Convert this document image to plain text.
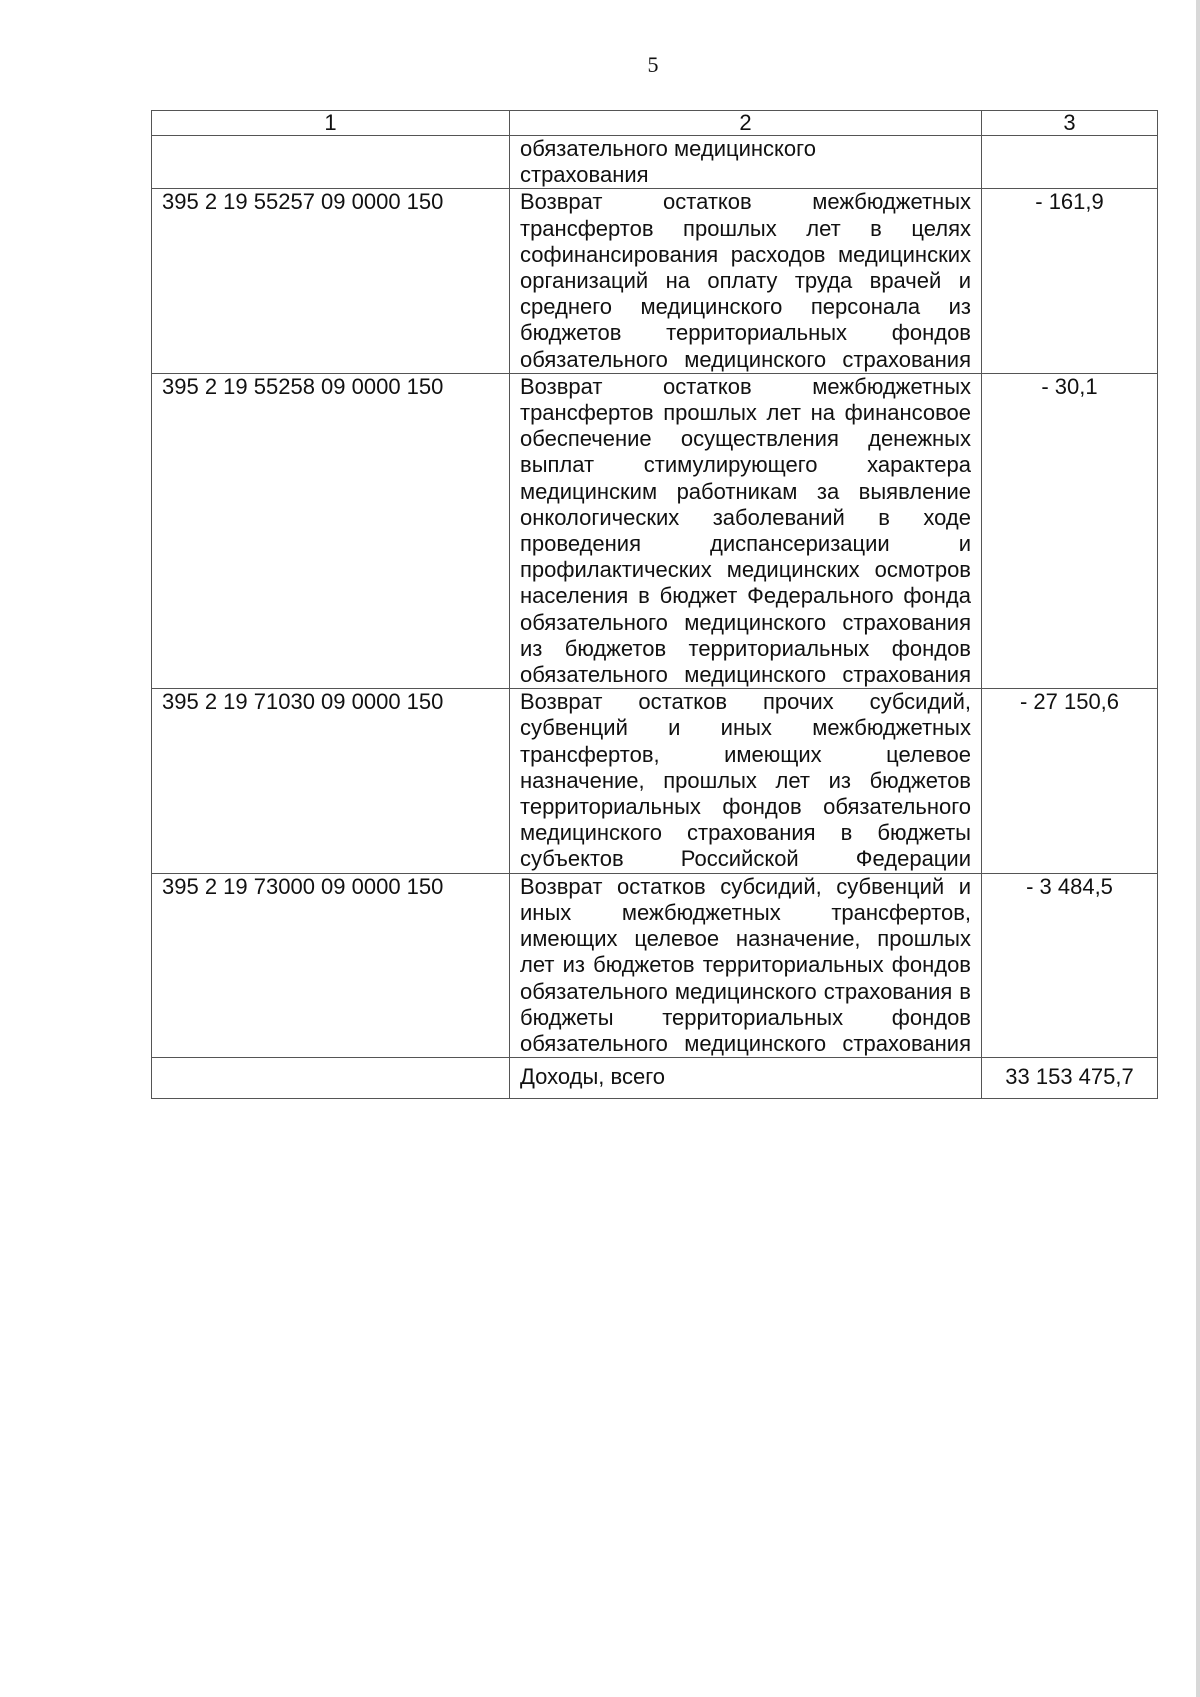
5
1	2	3
	обязательного медицинского страхования	
395 2 19 55257 09 0000 150	Возврат остатков межбюджетных трансфертов прошлых лет в целях софинансирования расходов медицинских организаций на оплату труда врачей и среднего медицинского персонала из бюджетов территориальных фондов обязательного медицинского страхования	- 161,9
395 2 19 55258 09 0000 150	Возврат остатков межбюджетных трансфертов прошлых лет на финансовое обеспечение осуществления денежных выплат стимулирующего характера медицинским работникам за выявление онкологических заболеваний в ходе проведения диспансеризации и профилактических медицинских осмотров населения в бюджет Федерального фонда обязательного медицинского страхования из бюджетов территориальных фондов обязательного медицинского страхования	- 30,1
395 2 19 71030 09 0000 150	Возврат остатков прочих субсидий, субвенций и иных межбюджетных трансфертов, имеющих целевое назначение, прошлых лет из бюджетов территориальных фондов обязательного медицинского страхования в бюджеты субъектов Российской Федерации	- 27 150,6
395 2 19 73000 09 0000 150	Возврат остатков субсидий, субвенций и иных межбюджетных трансфертов, имеющих целевое назначение, прошлых лет из бюджетов территориальных фондов обязательного медицинского страхования в бюджеты территориальных фондов обязательного медицинского страхования	- 3 484,5
	Доходы, всего	33 153 475,7
